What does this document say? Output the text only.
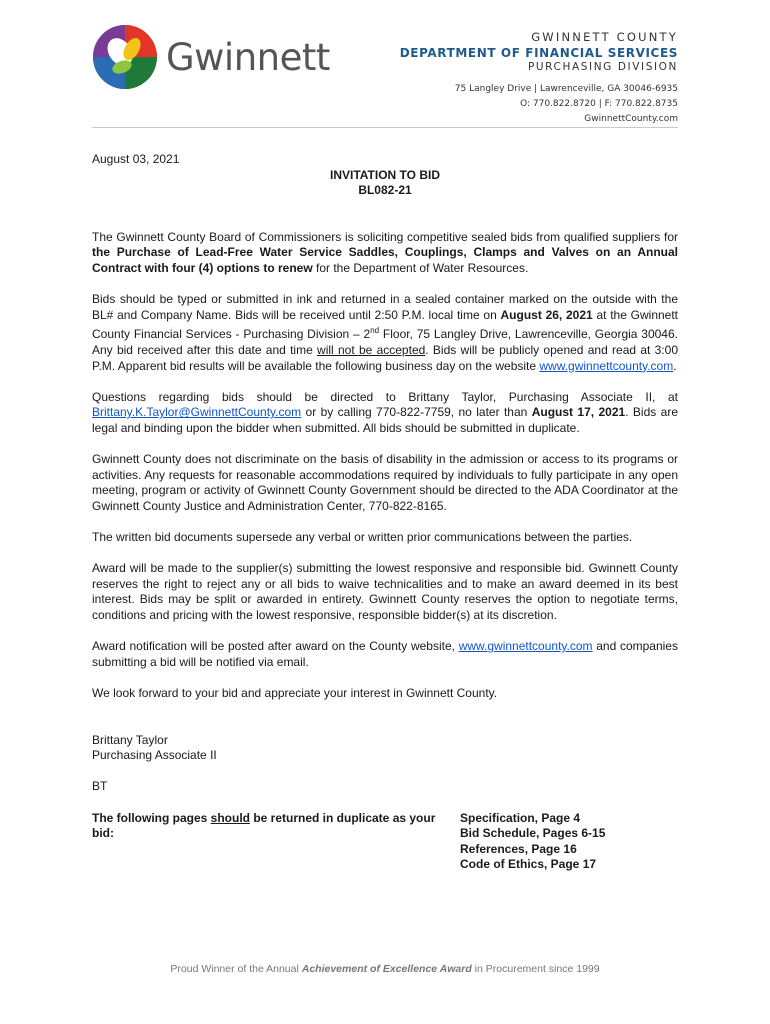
Gwinnett	GWINNETT COUNTY
DEPARTMENT OF FINANCIAL SERVICES
PURCHASING DIVISION
75 Langley Drive | Lawrenceville, GA 30046-6935
O: 770.822.8720 | F: 770.822.8735
GwinnettCounty.com

August 03, 2021

INVITATION TO BID

BL082-21

The Gwinnett County Board of Commissioners is soliciting competitive sealed bids from qualified suppliers for the Purchase of Lead-Free Water Service Saddles, Couplings, Clamps and Valves on an Annual Contract with four (4) options to renew for the Department of Water Resources.

Bids should be typed or submitted in ink and returned in a sealed container marked on the outside with the BL# and Company Name. Bids will be received until 2:50 P.M. local time on August 26, 2021 at the Gwinnett County Financial Services - Purchasing Division – 2nd Floor, 75 Langley Drive, Lawrenceville, Georgia 30046. Any bid received after this date and time will not be accepted. Bids will be publicly opened and read at 3:00 P.M. Apparent bid results will be available the following business day on the website www.gwinnettcounty.com.

Questions regarding bids should be directed to Brittany Taylor, Purchasing Associate II, at Brittany.K.Taylor@GwinnettCounty.com or by calling 770-822-7759, no later than August 17, 2021. Bids are legal and binding upon the bidder when submitted. All bids should be submitted in duplicate.

Gwinnett County does not discriminate on the basis of disability in the admission or access to its programs or activities. Any requests for reasonable accommodations required by individuals to fully participate in any open meeting, program or activity of Gwinnett County Government should be directed to the ADA Coordinator at the Gwinnett County Justice and Administration Center, 770-822-8165.

The written bid documents supersede any verbal or written prior communications between the parties.

Award will be made to the supplier(s) submitting the lowest responsive and responsible bid. Gwinnett County reserves the right to reject any or all bids to waive technicalities and to make an award deemed in its best interest. Bids may be split or awarded in entirety. Gwinnett County reserves the option to negotiate terms, conditions and pricing with the lowest responsive, responsible bidder(s) at its discretion.

Award notification will be posted after award on the County website, www.gwinnettcounty.com and companies submitting a bid will be notified via email.

We look forward to your bid and appreciate your interest in Gwinnett County.

Brittany Taylor

Purchasing Associate II

BT

The following pages should be returned in duplicate as your bid:
Specification, Page 4
Bid Schedule, Pages 6-15
References, Page 16
Code of Ethics, Page 17
Proud Winner of the Annual Achievement of Excellence Award in Procurement since 1999
